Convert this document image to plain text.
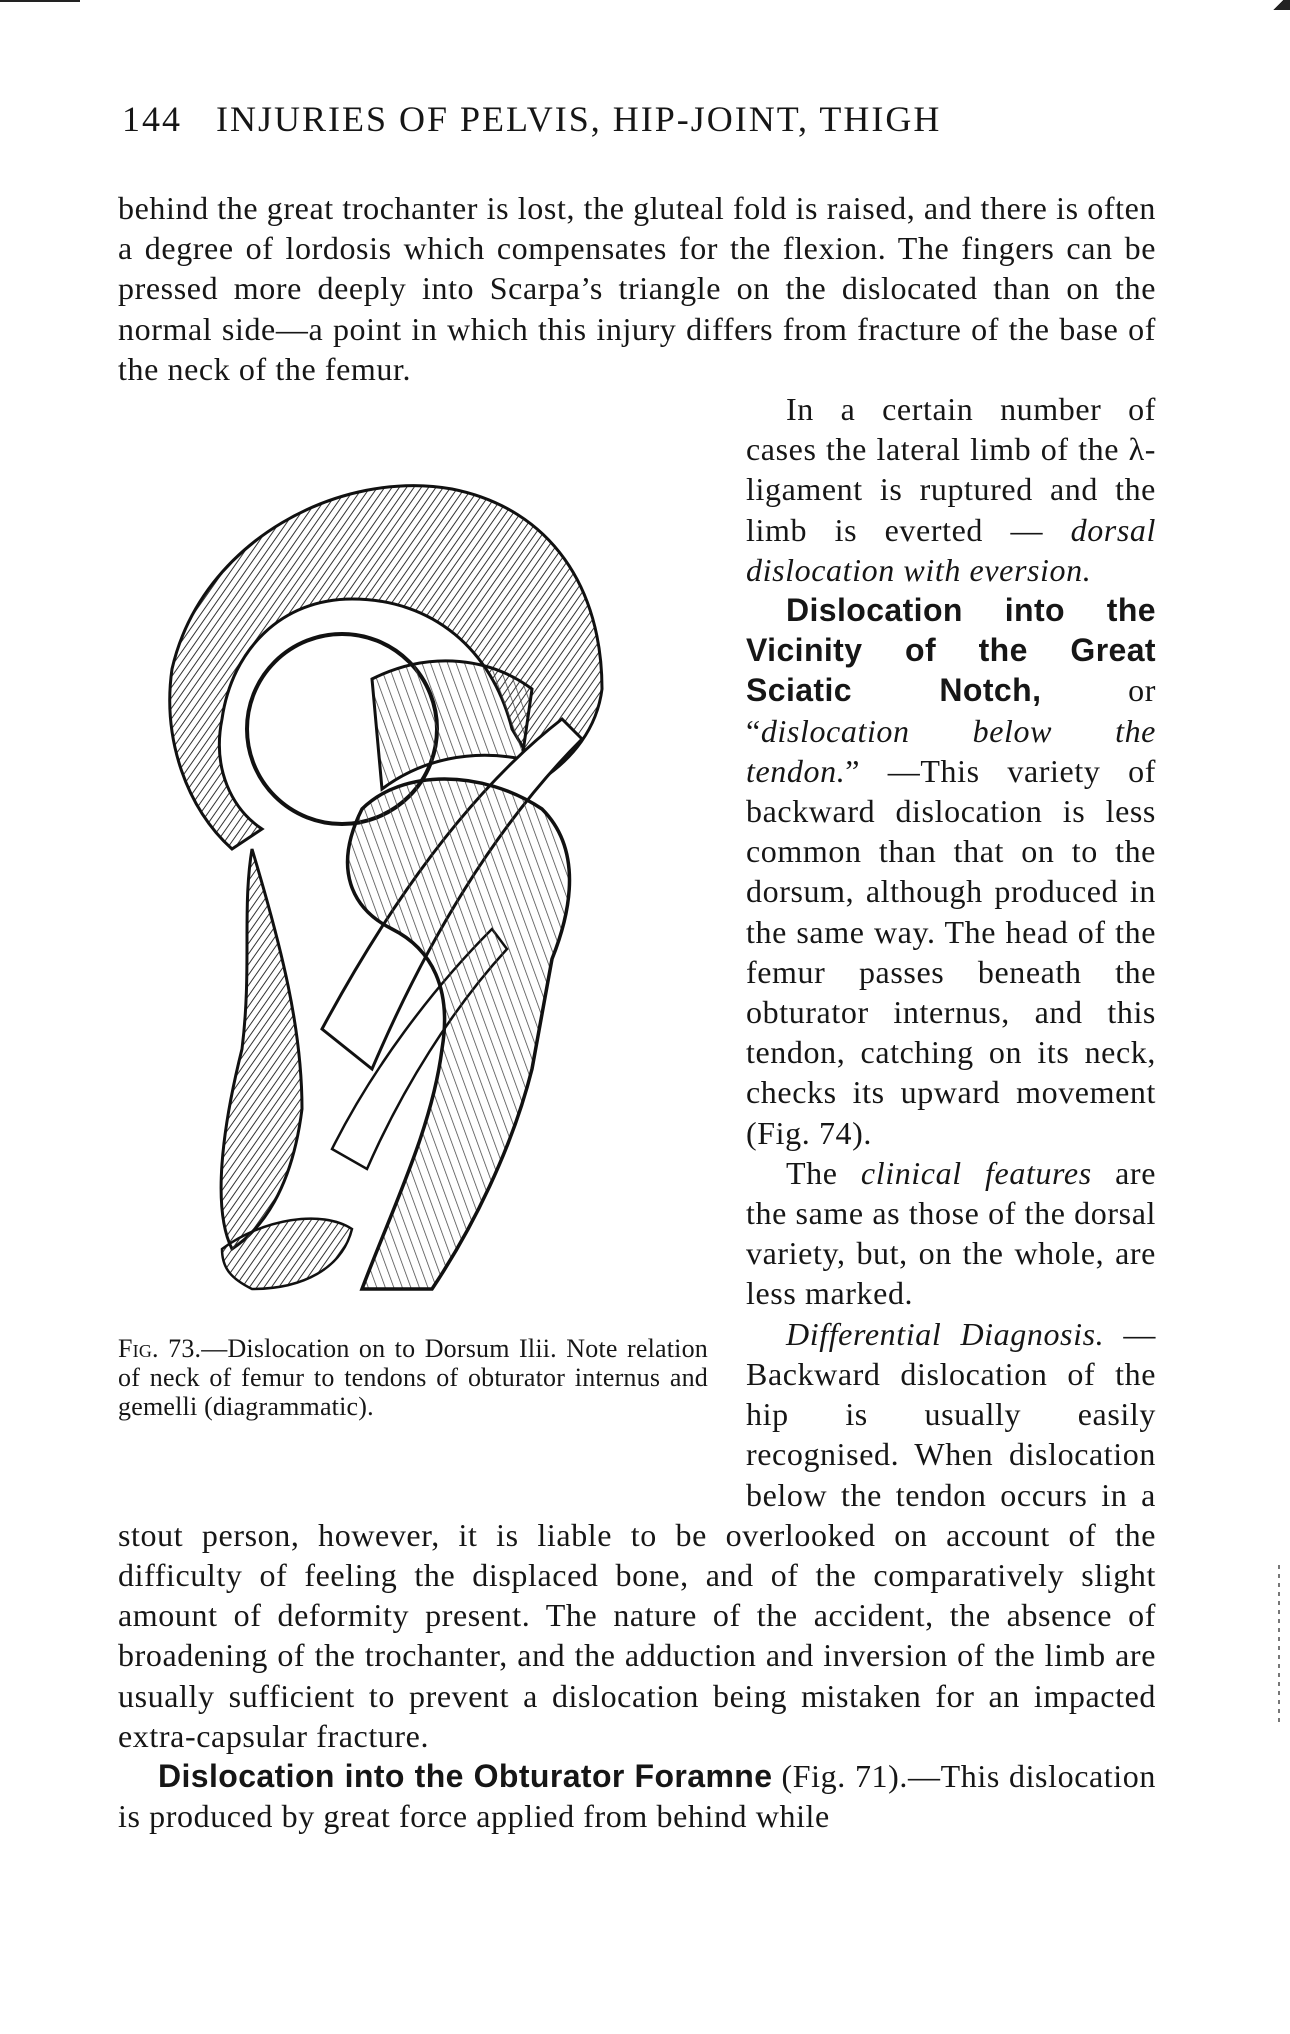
144 INJURIES OF PELVIS, HIP-JOINT, THIGH

behind the great trochanter is lost, the gluteal fold is raised, and there is often a degree of lordosis which compensates for the flexion. The fingers can be pressed more deeply into Scarpa’s triangle on the dislocated than on the normal side—a point in which this injury differs from fracture of the base of the neck of the femur.

Fig. 73.—Dislocation on to Dorsum Ilii. Note relation of neck of femur to tendons of obturator internus and gemelli (diagrammatic).

In a certain number of cases the lateral limb of the λ-ligament is ruptured and the limb is everted — dorsal dislocation with eversion.

Dislocation into the Vicinity of the Great Sciatic Notch, or “dislocation below the tendon.” —This variety of backward dislocation is less common than that on to the dorsum, although produced in the same way. The head of the femur passes beneath the obturator internus, and this tendon, catching on its neck, checks its upward movement (Fig. 74).

The clinical features are the same as those of the dorsal variety, but, on the whole, are less marked.

Differential Diagnosis. —Backward dislocation of the hip is usually easily recognised. When dislocation below the tendon occurs in a stout person, however, it is liable to be overlooked on account of the difficulty of feeling the displaced bone, and of the comparatively slight amount of deformity present. The nature of the accident, the absence of broadening of the trochanter, and the adduction and inversion of the limb are usually sufficient to prevent a dislocation being mistaken for an impacted extra-capsular fracture.

Dislocation into the Obturator Foramne (Fig. 71).—This dislocation is produced by great force applied from behind while
